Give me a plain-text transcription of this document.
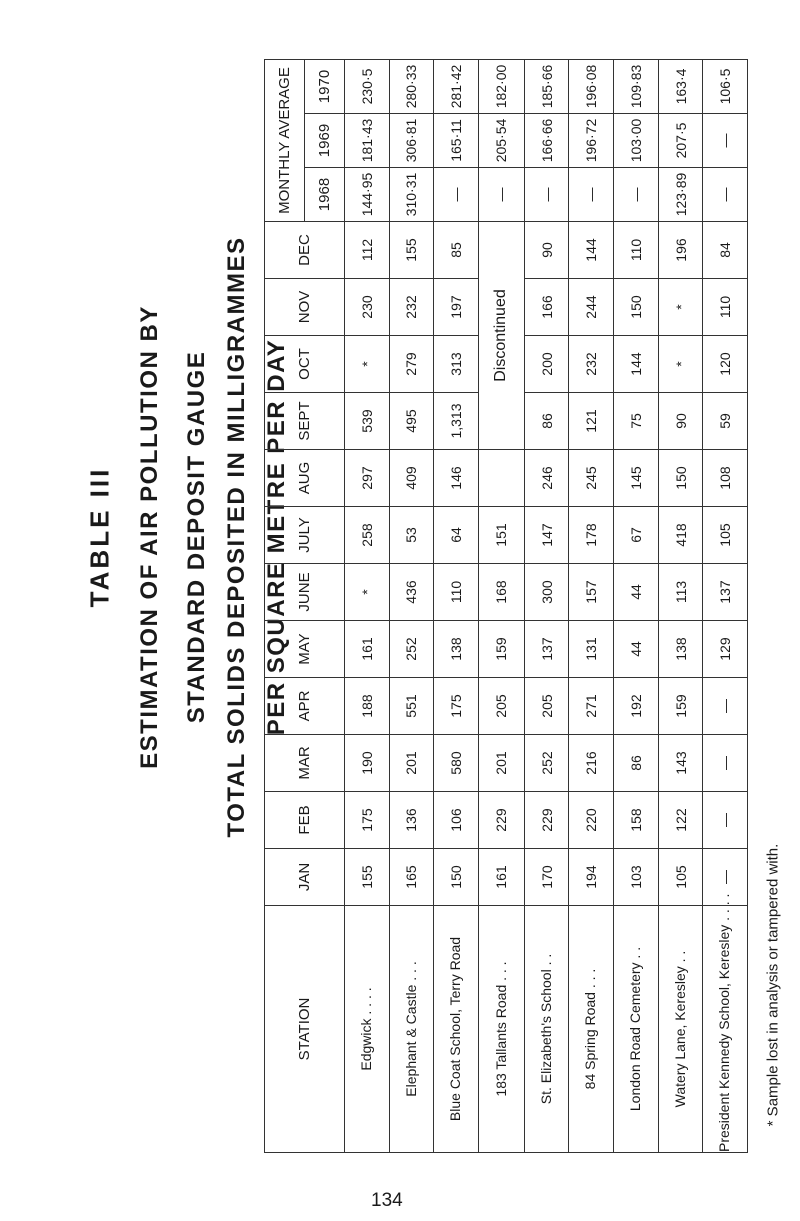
TABLE III ESTIMATION OF AIR POLLUTION BY STANDARD DEPOSIT GAUGE TOTAL SOLIDS DEPOSITED IN MILLIGRAMMES PER SQUARE METRE PER DAY
* Sample lost in analysis or tampered with.
134
STATION	JAN	FEB	MAR	APR	MAY	JUNE	JULY	AUG	SEPT	OCT	NOV	DEC	MONTHLY AVERAGE		
													1968	1969	1970
Edgwick . . . .	155	175	190	188	161	*	258	297	539	*	230	112	144·95	181·43	230·5
Elephant & Castle . . .	165	136	201	551	252	436	53	409	495	279	232	155	310·31	306·81	280·33
Blue Coat School, Terry Road	150	106	580	175	138	110	64	146	1,313	313	197	85	—	165·11	281·42
183 Tallants Road . . .	161	229	201	205	159	168	151		Discontinued				—	205·54	182·00
St. Elizabeth's School . .	170	229	252	205	137	300	147	246	86	200	166	90	—	166·66	185·66
84 Spring Road . . .	194	220	216	271	131	157	178	245	121	232	244	144	—	196·72	196·08
London Road Cemetery . .	103	158	86	192	44	44	67	145	75	144	150	110	—	103·00	109·83
Watery Lane, Keresley . .	105	122	143	159	138	113	418	150	90	*	*	196	123·89	207·5	163·4
President Kennedy School, Keresley . . . .	—	—	—	—	129	137	105	108	59	120	110	84	—	—	106·5
